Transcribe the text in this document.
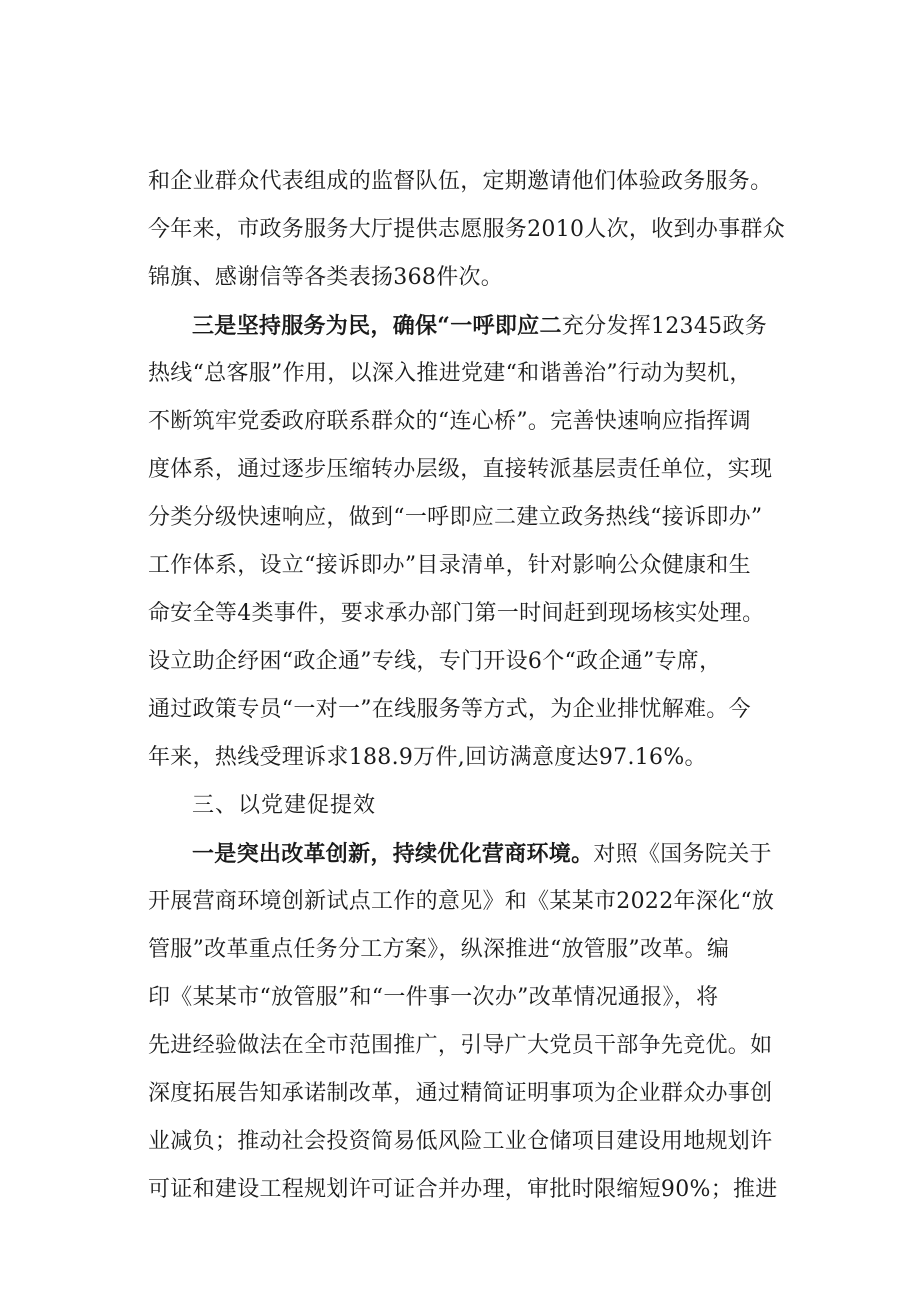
和企业群众代表组成的监督队伍，定期邀请他们体验政务服务。
今年来，市政务服务大厅提供志愿服务2010人次，收到办事群众
锦旗、感谢信等各类表扬368件次。
三是坚持服务为民，确保“一呼即应二充分发挥12345政务
热线“总客服”作用，以深入推进党建“和谐善治”行动为契机，
不断筑牢党委政府联系群众的“连心桥”。完善快速响应指挥调
度体系，通过逐步压缩转办层级，直接转派基层责任单位，实现
分类分级快速响应，做到“一呼即应二建立政务热线“接诉即办”
工作体系，设立“接诉即办”目录清单，针对影响公众健康和生
命安全等4类事件，要求承办部门第一时间赶到现场核实处理。
设立助企纾困“政企通”专线，专门开设6个“政企通”专席，
通过政策专员“一对一”在线服务等方式，为企业排忧解难。今
年来，热线受理诉求188.9万件,回访满意度达97.16%。
三、以党建促提效
一是突出改革创新，持续优化营商环境。对照《国务院关于
开展营商环境创新试点工作的意见》和《某某市2022年深化“放
管服”改革重点任务分工方案》，纵深推进“放管服”改革。编
印《某某市“放管服”和“一件事一次办”改革情况通报》，将
先进经验做法在全市范围推广，引导广大党员干部争先竞优。如
深度拓展告知承诺制改革，通过精简证明事项为企业群众办事创
业减负；推动社会投资简易低风险工业仓储项目建设用地规划许
可证和建设工程规划许可证合并办理，审批时限缩短90%；推进
